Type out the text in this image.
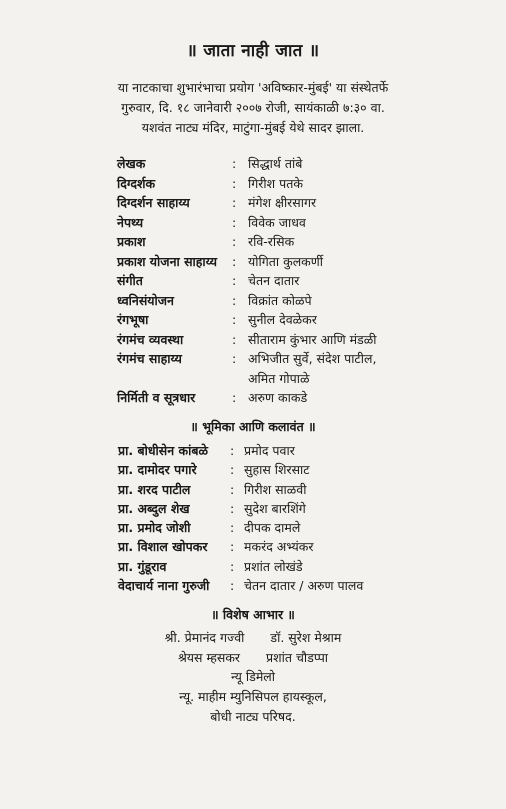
॥ जाता नाही जात ॥
या नाटकाचा शुभारंभाचा प्रयोग 'अविष्कार-मुंबई' या संस्थेतर्फे
गुरुवार, दि. १८ जानेवारी २००७ रोजी, सायंकाळी ७:३० वा.
यशवंत नाट्य मंदिर, माटुंगा-मुंबई येथे सादर झाला.
लेखक	: सिद्धार्थ तांबे
दिग्दर्शक	: गिरीश पतके
दिग्दर्शन साहाय्य	: मंगेश क्षीरसागर
नेपथ्य	: विवेक जाधव
प्रकाश	: रवि-रसिक
प्रकाश योजना साहाय्य	: योगिता कुलकर्णी
संगीत	: चेतन दातार
ध्वनिसंयोजन	: विक्रांत कोळपे
रंगभूषा	: सुनील देवळेकर
रंगमंच व्यवस्था	: सीताराम कुंभार आणि मंडळी
रंगमंच साहाय्य	: अभिजीत सुर्वे, संदेश पाटील,
अमित गोपाळे
निर्मिती व सूत्रधार	: अरुण काकडे
॥ भूमिका आणि कलावंत ॥
प्रा. बोधीसेन कांबळे	: प्रमोद पवार
प्रा. दामोदर पगारे	: सुहास शिरसाट
प्रा. शरद पाटील	: गिरीश साळवी
प्रा. अब्दुल शेख	: सुदेश बारशिंगे
प्रा. प्रमोद जोशी	: दीपक दामले
प्रा. विशाल खोपकर	: मकरंद अभ्यंकर
प्रा. गुंडूराव	: प्रशांत लोखंडे
वेदाचार्य नाना गुरुजी	: चेतन दातार / अरुण पालव
॥ विशेष आभार ॥
श्री. प्रेमानंद गज्वी डॉ. सुरेश मेश्राम
श्रेयस म्हसकर प्रशांत चौडप्पा
न्यू डिमेलो
न्यू. माहीम म्युनिसिपल हायस्कूल,
बोधी नाट्य परिषद.
